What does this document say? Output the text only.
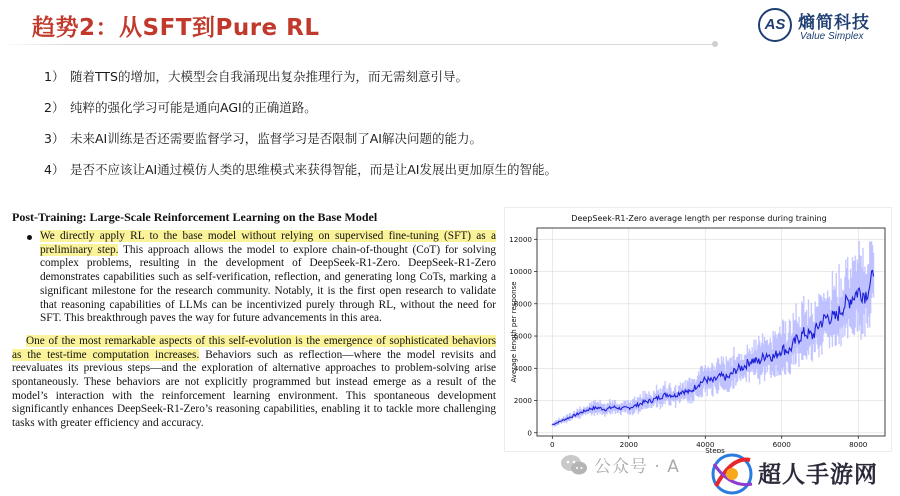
趋势2：从SFT到Pure RL	AS 熵简科技
Value Simplex
1） 随着TTS的增加，大模型会自我涌现出复杂推理行为，而无需刻意引导。
2） 纯粹的强化学习可能是通向AGI的正确道路。
3） 未来AI训练是否还需要监督学习，监督学习是否限制了AI解决问题的能力。
4） 是否不应该让AI通过模仿人类的思维模式来获得智能，而是让AI发展出更加原生的智能。
Post-Training: Large-Scale Reinforcement Learning on the Base Model
We directly apply RL to the base model without relying on supervised fine-tuning (SFT) as a preliminary step. This approach allows the model to explore chain-of-thought (CoT) for solving complex problems, resulting in the development of DeepSeek-R1-Zero. DeepSeek-R1-Zero demonstrates capabilities such as self-verification, reflection, and generating long CoTs, marking a significant milestone for the research community. Notably, it is the first open research to validate that reasoning capabilities of LLMs can be incentivized purely through RL, without the need for SFT. This breakthrough paves the way for future advancements in this area.
One of the most remarkable aspects of this self-evolution is the emergence of sophisticated behaviors as the test-time computation increases. Behaviors such as reflection—where the model revisits and reevaluates its previous steps—and the exploration of alternative approaches to problem-solving arise spontaneously. These behaviors are not explicitly programmed but instead emerge as a result of the model’s interaction with the reinforcement learning environment. This spontaneous development significantly enhances DeepSeek-R1-Zero’s reasoning capabilities, enabling it to tackle more challenging tasks with greater efficiency and accuracy.
DeepSeek-R1-Zero average length per response during training
0
2000
4000
6000
8000
10000
12000
0	2000	4000	6000	8000
Steps
Average length per response
公众号 · A	超人手游网
